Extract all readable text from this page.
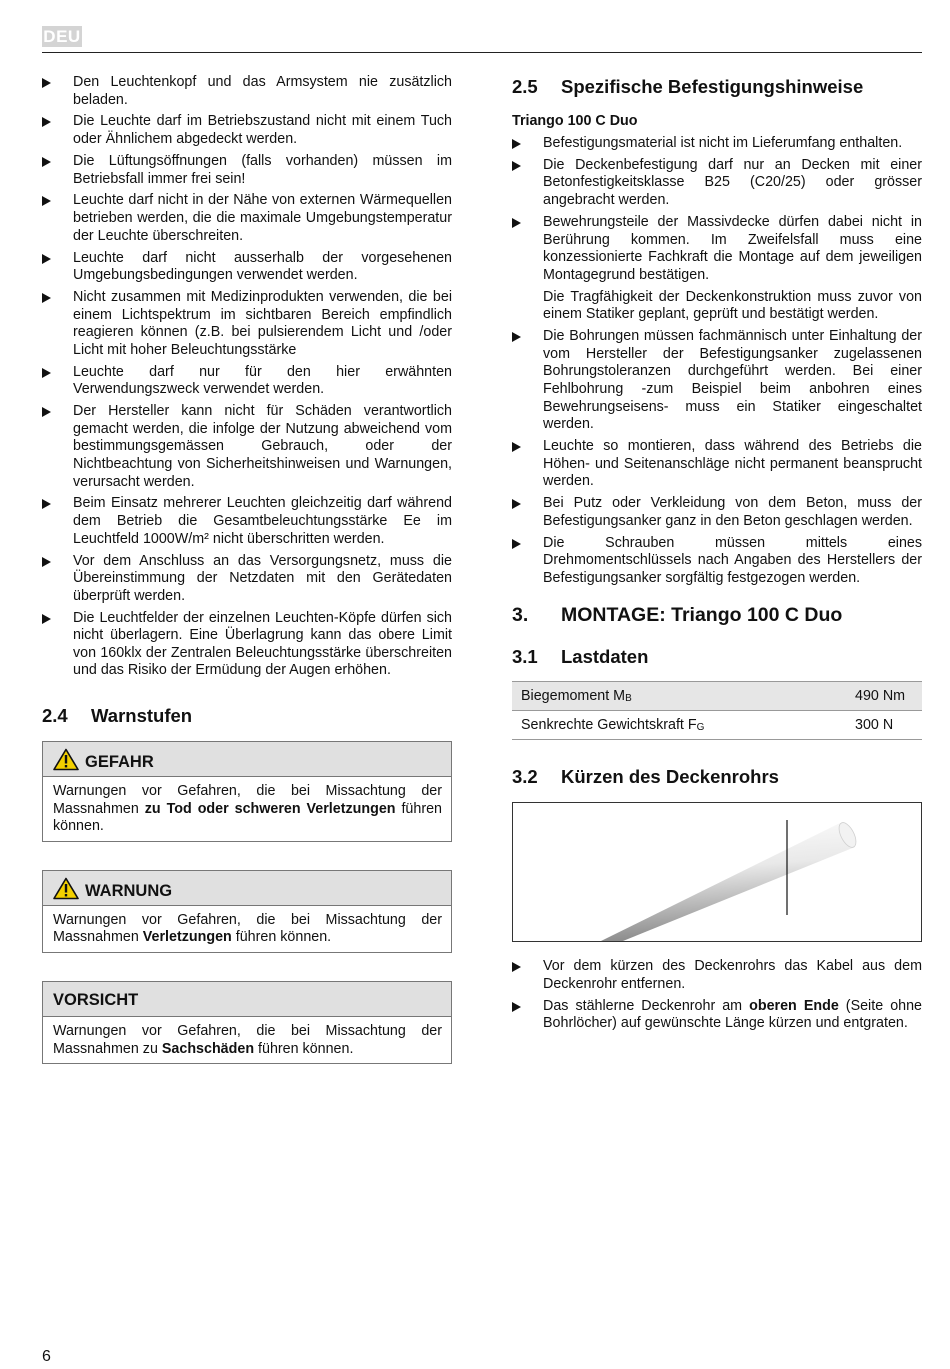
DEU
Den Leuchtenkopf und das Armsystem nie zusätzlich beladen.
Die Leuchte darf im Betriebszustand nicht mit einem Tuch oder Ähnlichem abgedeckt werden.
Die Lüftungsöffnungen (falls vorhanden) müssen im Betriebsfall immer frei sein!
Leuchte darf nicht in der Nähe von externen Wärmequellen betrieben werden, die die maximale Umgebungstemperatur der Leuchte überschreiten.
Leuchte darf nicht ausserhalb der vorgesehenen Umgebungsbedingungen verwendet werden.
Nicht zusammen mit Medizinprodukten verwenden, die bei einem Lichtspektrum im sichtbaren Bereich empfindlich reagieren können (z.B. bei pulsierendem Licht und /oder Licht mit hoher Beleuchtungsstärke
Leuchte darf nur für den hier erwähnten Verwendungszweck verwendet werden.
Der Hersteller kann nicht für Schäden verantwortlich gemacht werden, die infolge der Nutzung abweichend vom bestimmungsgemässen Gebrauch, oder der Nichtbeachtung von Sicherheitshinweisen und Warnungen, verursacht werden.
Beim Einsatz mehrerer Leuchten gleichzeitig darf während dem Betrieb die Gesamtbeleuchtungsstärke Ee im Leuchtfeld 1000W/m² nicht überschritten werden.
Vor dem Anschluss an das Versorgungsnetz, muss die Übereinstimmung der Netzdaten mit den Gerätedaten überprüft werden.
Die Leuchtfelder der einzelnen Leuchten-Köpfe dürfen sich nicht überlagern. Eine Überlagrung kann das obere Limit von 160klx der Zentralen Beleuchtungsstärke überschreiten und das Risiko der Ermüdung der Augen erhöhen.
2.4	Warnstufen
GEFAHR
Warnungen vor Gefahren, die bei Missachtung der Massnahmen zu Tod oder schweren Verletzungen führen können.
WARNUNG
Warnungen vor Gefahren, die bei Missachtung der Massnahmen Verletzungen führen können.
VORSICHT
Warnungen vor Gefahren, die bei Missachtung der Massnahmen zu Sachschäden führen können.
2.5	Spezifische Befestigungshinweise
Triango 100 C Duo
Befestigungsmaterial ist nicht im Lieferumfang enthalten.
Die Deckenbefestigung darf nur an Decken mit einer Betonfestigkeitsklasse B25 (C20/25) oder grösser angebracht werden.
Bewehrungsteile der Massivdecke dürfen dabei nicht in Berührung kommen. Im Zweifelsfall muss eine konzessionierte Fachkraft die Montage auf dem jeweiligen Montagegrund bestätigen.

Die Tragfähigkeit der Deckenkonstruktion muss zuvor von einem Statiker geplant, geprüft und bestätigt werden.

Die Bohrungen müssen fachmännisch unter Einhaltung der vom Hersteller der Befestigungsanker zugelassenen Bohrungstoleranzen durchgeführt werden. Bei einer Fehlbohrung -zum Beispiel beim anbohren eines Bewehrungseisens- muss ein Statiker eingeschaltet werden.
Leuchte so montieren, dass während des Betriebs die Höhen- und Seitenanschläge nicht permanent beansprucht werden.
Bei Putz oder Verkleidung von dem Beton, muss der Befestigungsanker ganz in den Beton geschlagen werden.
Die Schrauben müssen mittels eines Drehmomentschlüssels nach Angaben des Herstellers der Befestigungsanker sorgfältig festgezogen werden.
3.	MONTAGE: Triango 100 C Duo
3.1	Lastdaten
Biegemoment $M_B$	490 Nm
Senkrechte Gewichtskraft $F_G$	300 N
3.2	Kürzen des Deckenrohrs
Vor dem kürzen des Deckenrohrs das Kabel aus dem Deckenrohr entfernen.
Das stählerne Deckenrohr am oberen Ende (Seite ohne Bohrlöcher) auf gewünschte Länge kürzen und entgraten.
6
